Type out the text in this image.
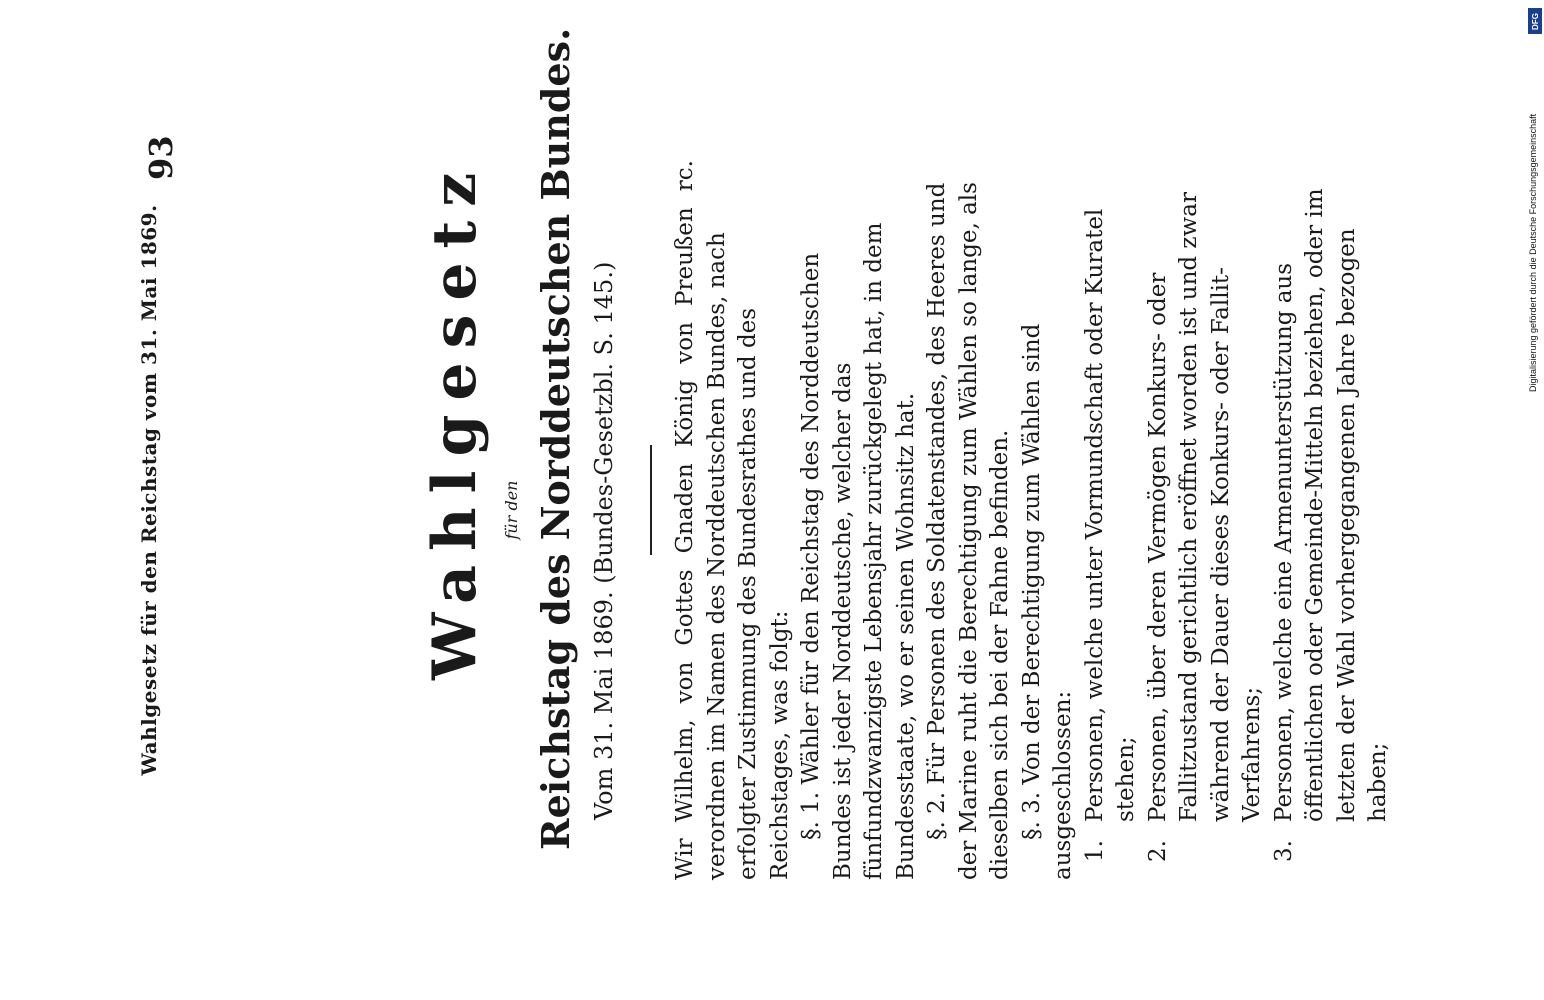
Wahlgesetz für den Reichstag vom 31. Mai 1869.
93
Wahlgesetz für den Reichstag des Norddeutschen Bundes. Vom 31. Mai 1869. (Bundes-Gesetzbl. S. 145.) Wir Wilhelm, von Gottes Gnaden König von Preußen rc. verordnen im Namen des Norddeutschen Bundes, nach erfolgter Zustimmung des Bundesrathes und des Reichstages, was folgt: §. 1. Wähler für den Reichstag des Norddeutschen Bundes ist jeder Norddeutsche, welcher das fünfundzwanzigste Lebensjahr zurückgelegt hat, in dem Bundesstaate, wo er seinen Wohnsitz hat. §. 2. Für Personen des Soldatenstandes, des Heeres und der Marine ruht die Berechtigung zum Wählen so lange, als dieselben sich bei der Fahne befinden. §. 3. Von der Berechtigung zum Wählen sind ausgeschlossen: 1.Personen, welche unter Vormundschaft oder Kuratel stehen;

2.Personen, über deren Vermögen Konkurs- oder Fallitzustand gerichtlich eröffnet worden ist und zwar während der Dauer dieses Konkurs- oder Fallit-Verfahrens;

3.Personen, welche eine Armenunterstützung aus öffentlichen oder Gemeinde-Mitteln beziehen, oder im letzten der Wahl vorhergegangenen Jahre bezogen haben;

DFG
Digitalisierung gefördert durch die Deutsche Forschungsgemeinschaft
